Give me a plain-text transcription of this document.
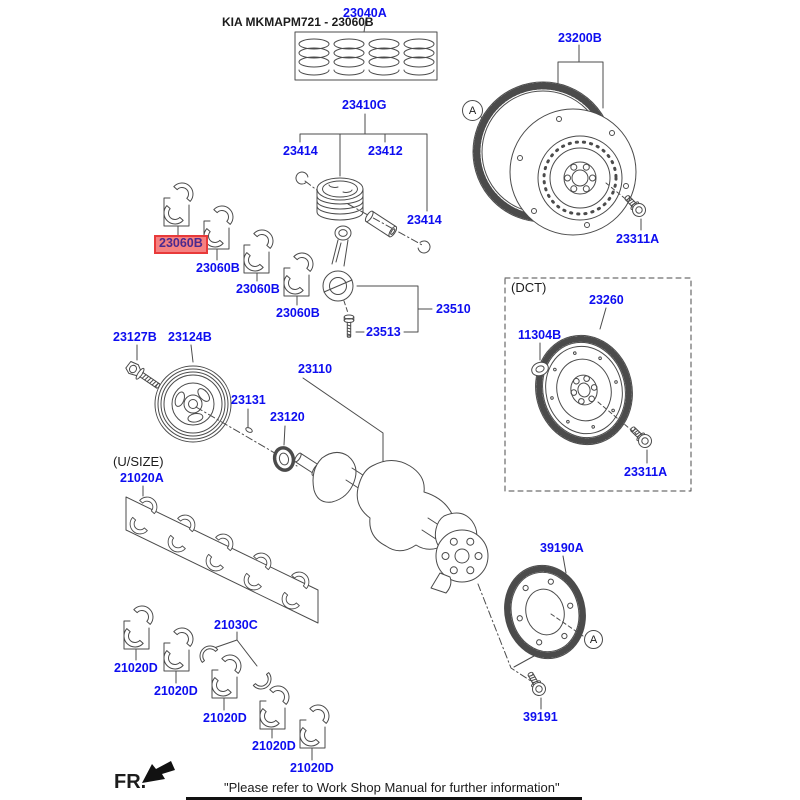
KIA MKMAPM721 - 23060B
23040A
23410G
23414	23412
23414
23200B
23311A
23060B
23060B
23060B
23060B	23510
23513
(DCT)
23260
11304B
23311A
23127B 23124B
23110
23131
23120
(U/SIZE)
21020A
21030C
21020D
21020D
21020D
21020D
21020D
39190A
39191
A
A
FR.	"Please refer to Work Shop Manual for further information"
